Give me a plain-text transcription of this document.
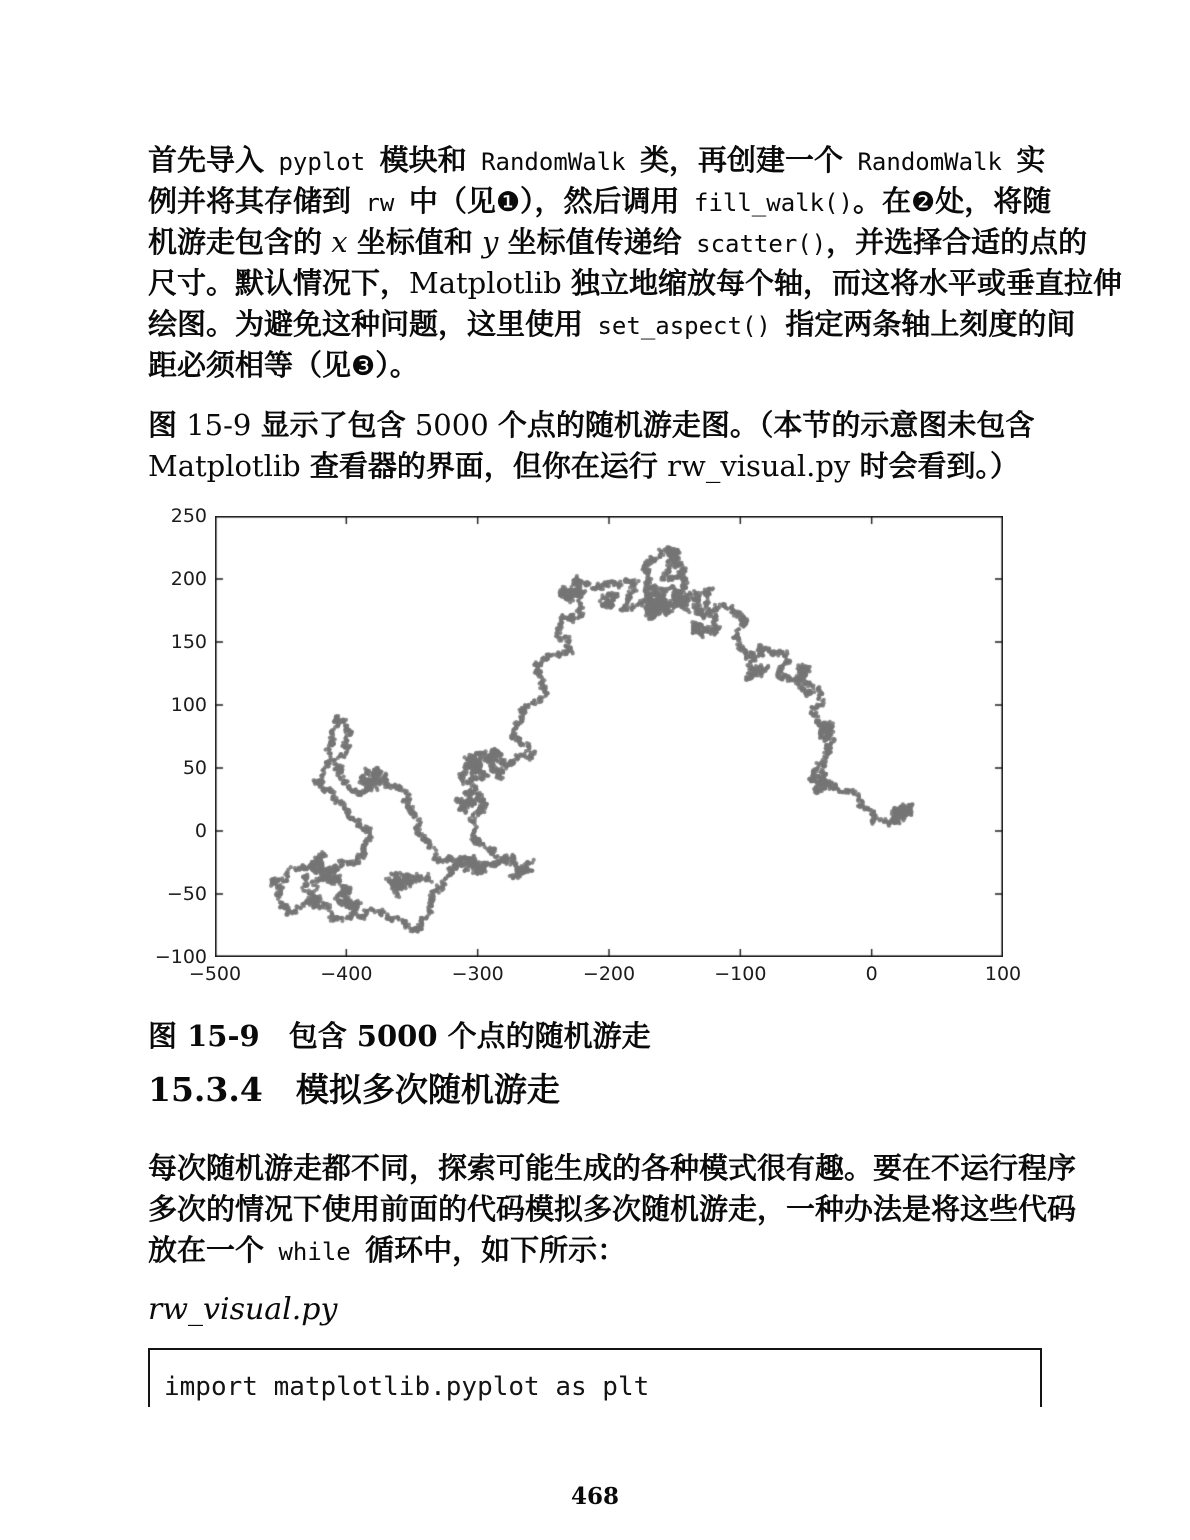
首先导入 pyplot 模块和 RandomWalk 类，再创建一个 RandomWalk 实
例并将其存储到 rw 中（见❶），然后调用 fill_walk()。在❷处，将随
机游走包含的 x 坐标值和 y 坐标值传递给 scatter()，并选择合适的点的
尺寸。默认情况下，Matplotlib 独立地缩放每个轴，而这将水平或垂直拉伸
绘图。为避免这种问题，这里使用 set_aspect() 指定两条轴上刻度的间
距必须相等（见❸）。
图 15-9 显示了包含 5000 个点的随机游走图。（本节的示意图未包含
Matplotlib 查看器的界面，但你在运行 rw_visual.py 时会看到。）
250
200
150
100
50
0
−50
−100
−500	−400	−300	−200	−100	0	100
图 15-9　包含 5000 个点的随机游走
15.3.4　模拟多次随机游走
每次随机游走都不同，探索可能生成的各种模式很有趣。要在不运行程序
多次的情况下使用前面的代码模拟多次随机游走，一种办法是将这些代码
放在一个 while 循环中，如下所示：
rw_visual.py
import matplotlib.pyplot as plt
468
